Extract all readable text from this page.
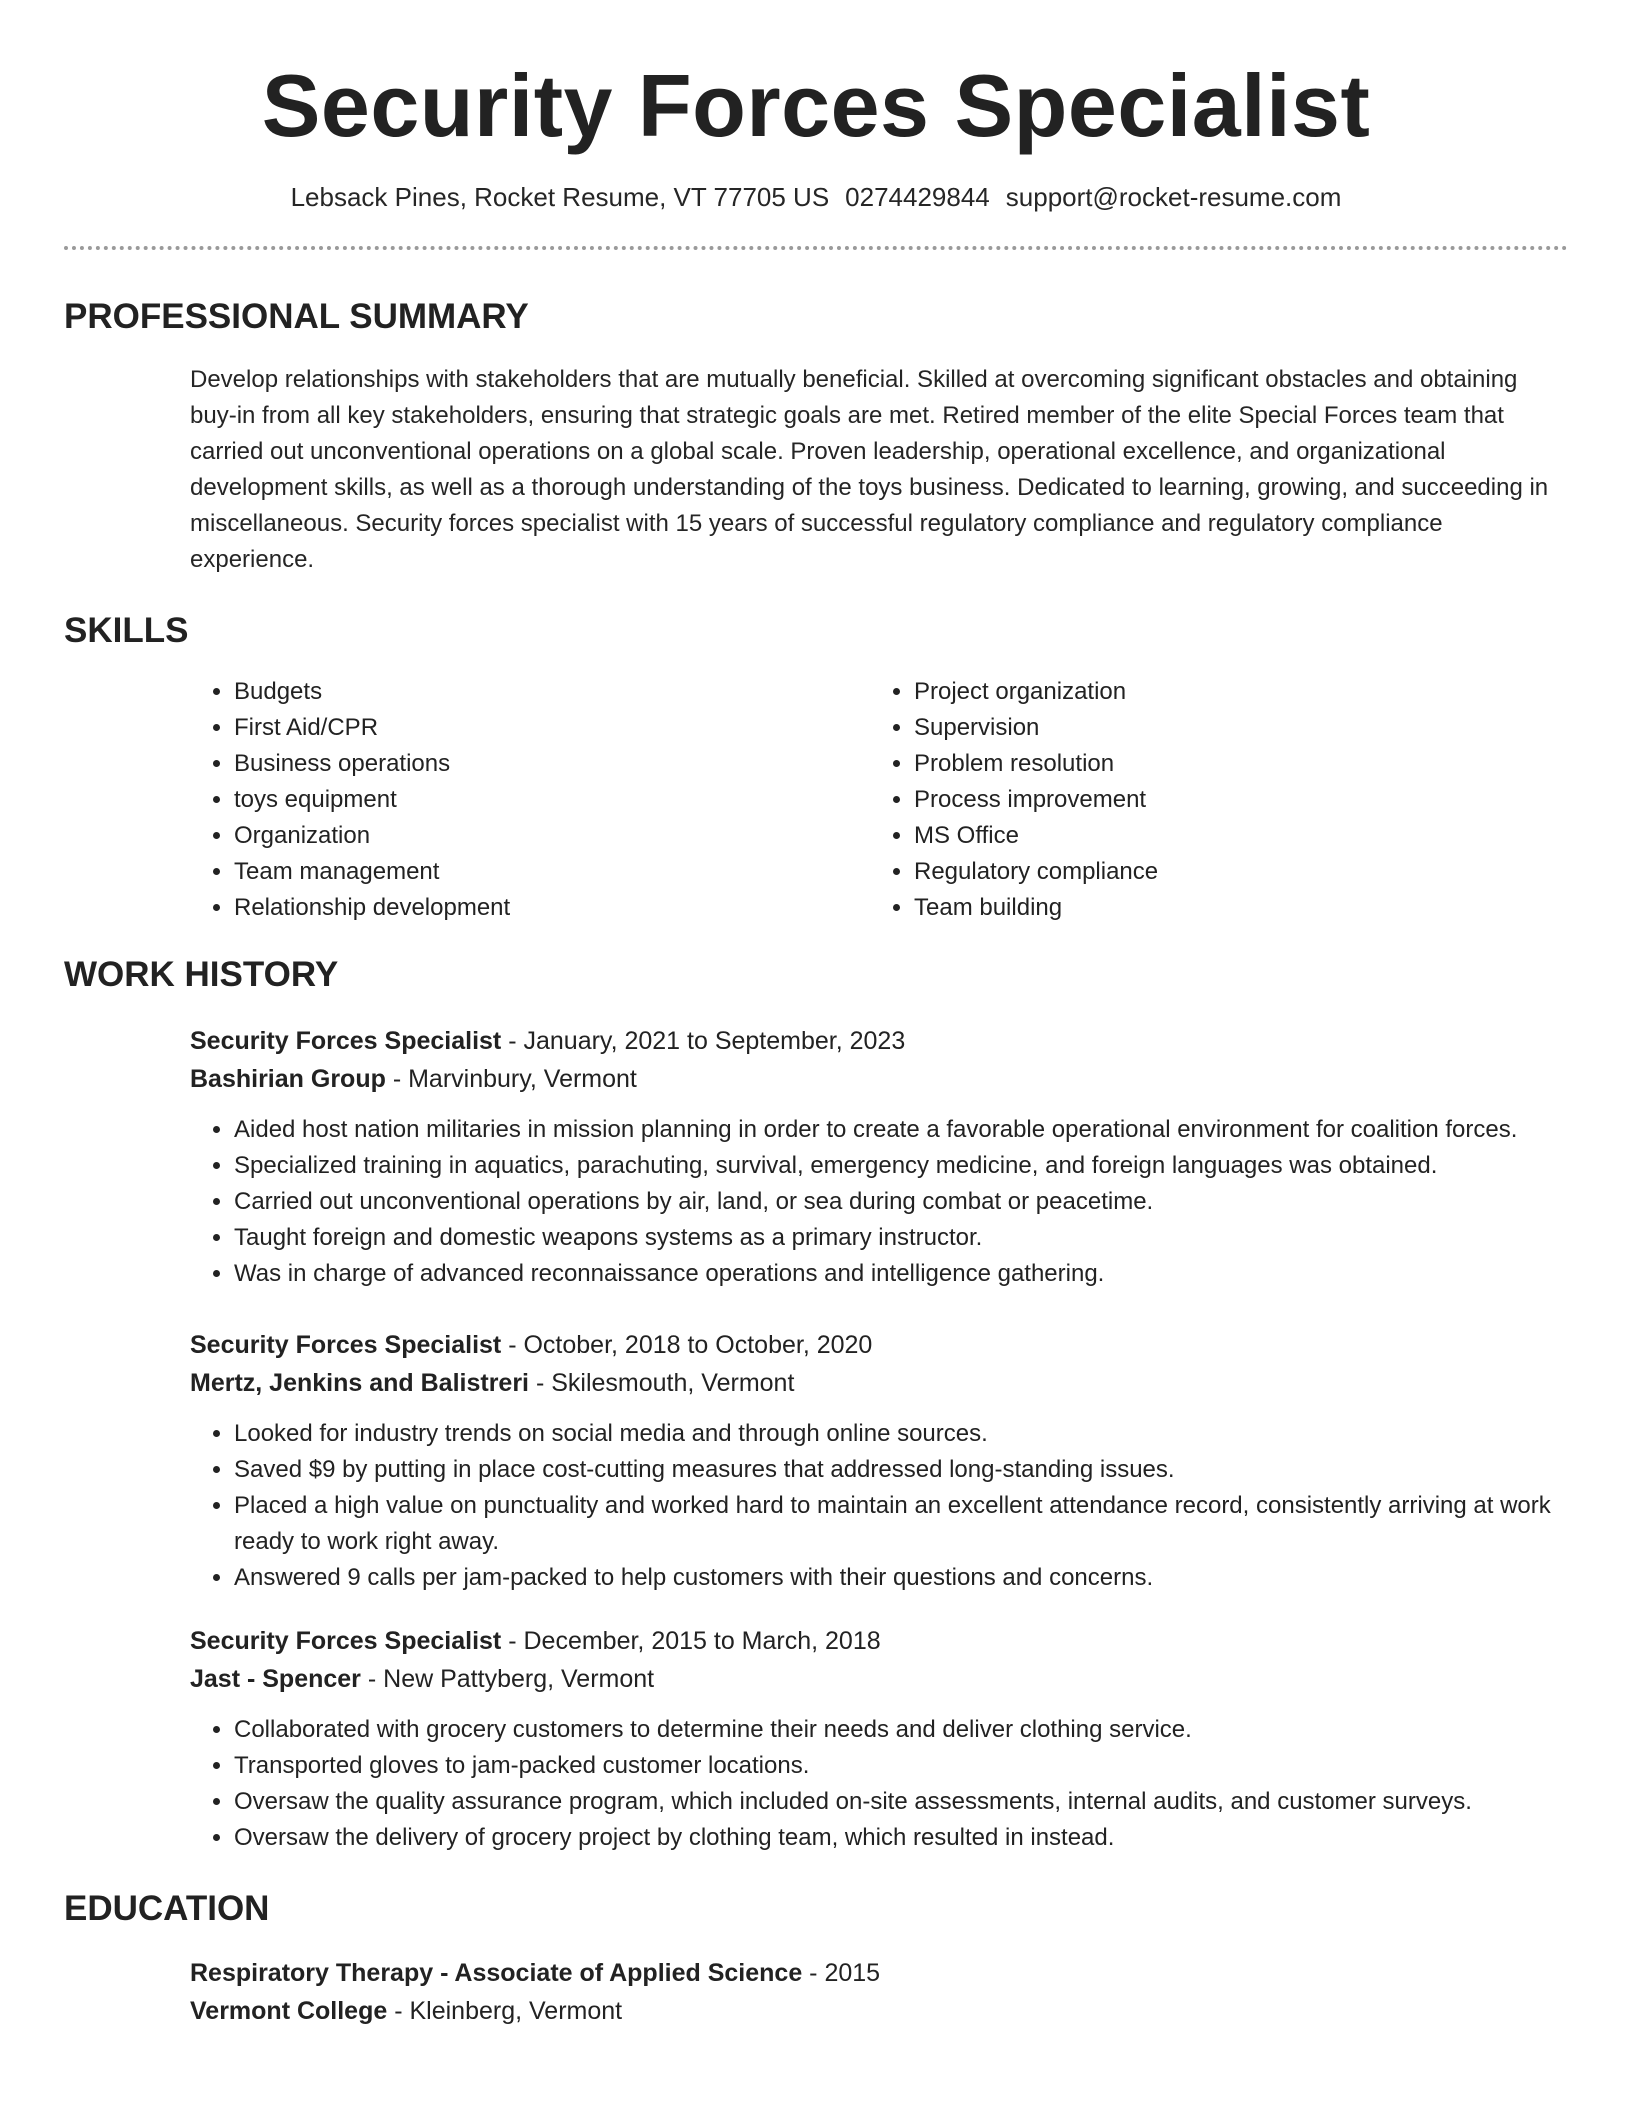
Security Forces Specialist
Lebsack Pines, Rocket Resume, VT 77705 US 0274429844 support@rocket-resume.com
PROFESSIONAL SUMMARY
Develop relationships with stakeholders that are mutually beneficial. Skilled at overcoming significant obstacles and obtaining buy-in from all key stakeholders, ensuring that strategic goals are met. Retired member of the elite Special Forces team that carried out unconventional operations on a global scale. Proven leadership, operational excellence, and organizational development skills, as well as a thorough understanding of the toys business. Dedicated to learning, growing, and succeeding in miscellaneous. Security forces specialist with 15 years of successful regulatory compliance and regulatory compliance experience.
SKILLS
• Budgets
• First Aid/CPR
• Business operations
• toys equipment
• Organization
• Team management
• Relationship development
• Project organization
• Supervision
• Problem resolution
• Process improvement
• MS Office
• Regulatory compliance
• Team building
WORK HISTORY
Security Forces Specialist - January, 2021 to September, 2023
Bashirian Group - Marvinbury, Vermont
• Aided host nation militaries in mission planning in order to create a favorable operational environment for coalition forces.
• Specialized training in aquatics, parachuting, survival, emergency medicine, and foreign languages was obtained.
• Carried out unconventional operations by air, land, or sea during combat or peacetime.
• Taught foreign and domestic weapons systems as a primary instructor.
• Was in charge of advanced reconnaissance operations and intelligence gathering.
Security Forces Specialist - October, 2018 to October, 2020
Mertz, Jenkins and Balistreri - Skilesmouth, Vermont
• Looked for industry trends on social media and through online sources.
• Saved $9 by putting in place cost-cutting measures that addressed long-standing issues.
• Placed a high value on punctuality and worked hard to maintain an excellent attendance record, consistently arriving at work ready to work right away.
• Answered 9 calls per jam-packed to help customers with their questions and concerns.
Security Forces Specialist - December, 2015 to March, 2018
Jast - Spencer - New Pattyberg, Vermont
• Collaborated with grocery customers to determine their needs and deliver clothing service.
• Transported gloves to jam-packed customer locations.
• Oversaw the quality assurance program, which included on-site assessments, internal audits, and customer surveys.
• Oversaw the delivery of grocery project by clothing team, which resulted in instead.
EDUCATION
Respiratory Therapy - Associate of Applied Science - 2015
Vermont College - Kleinberg, Vermont
